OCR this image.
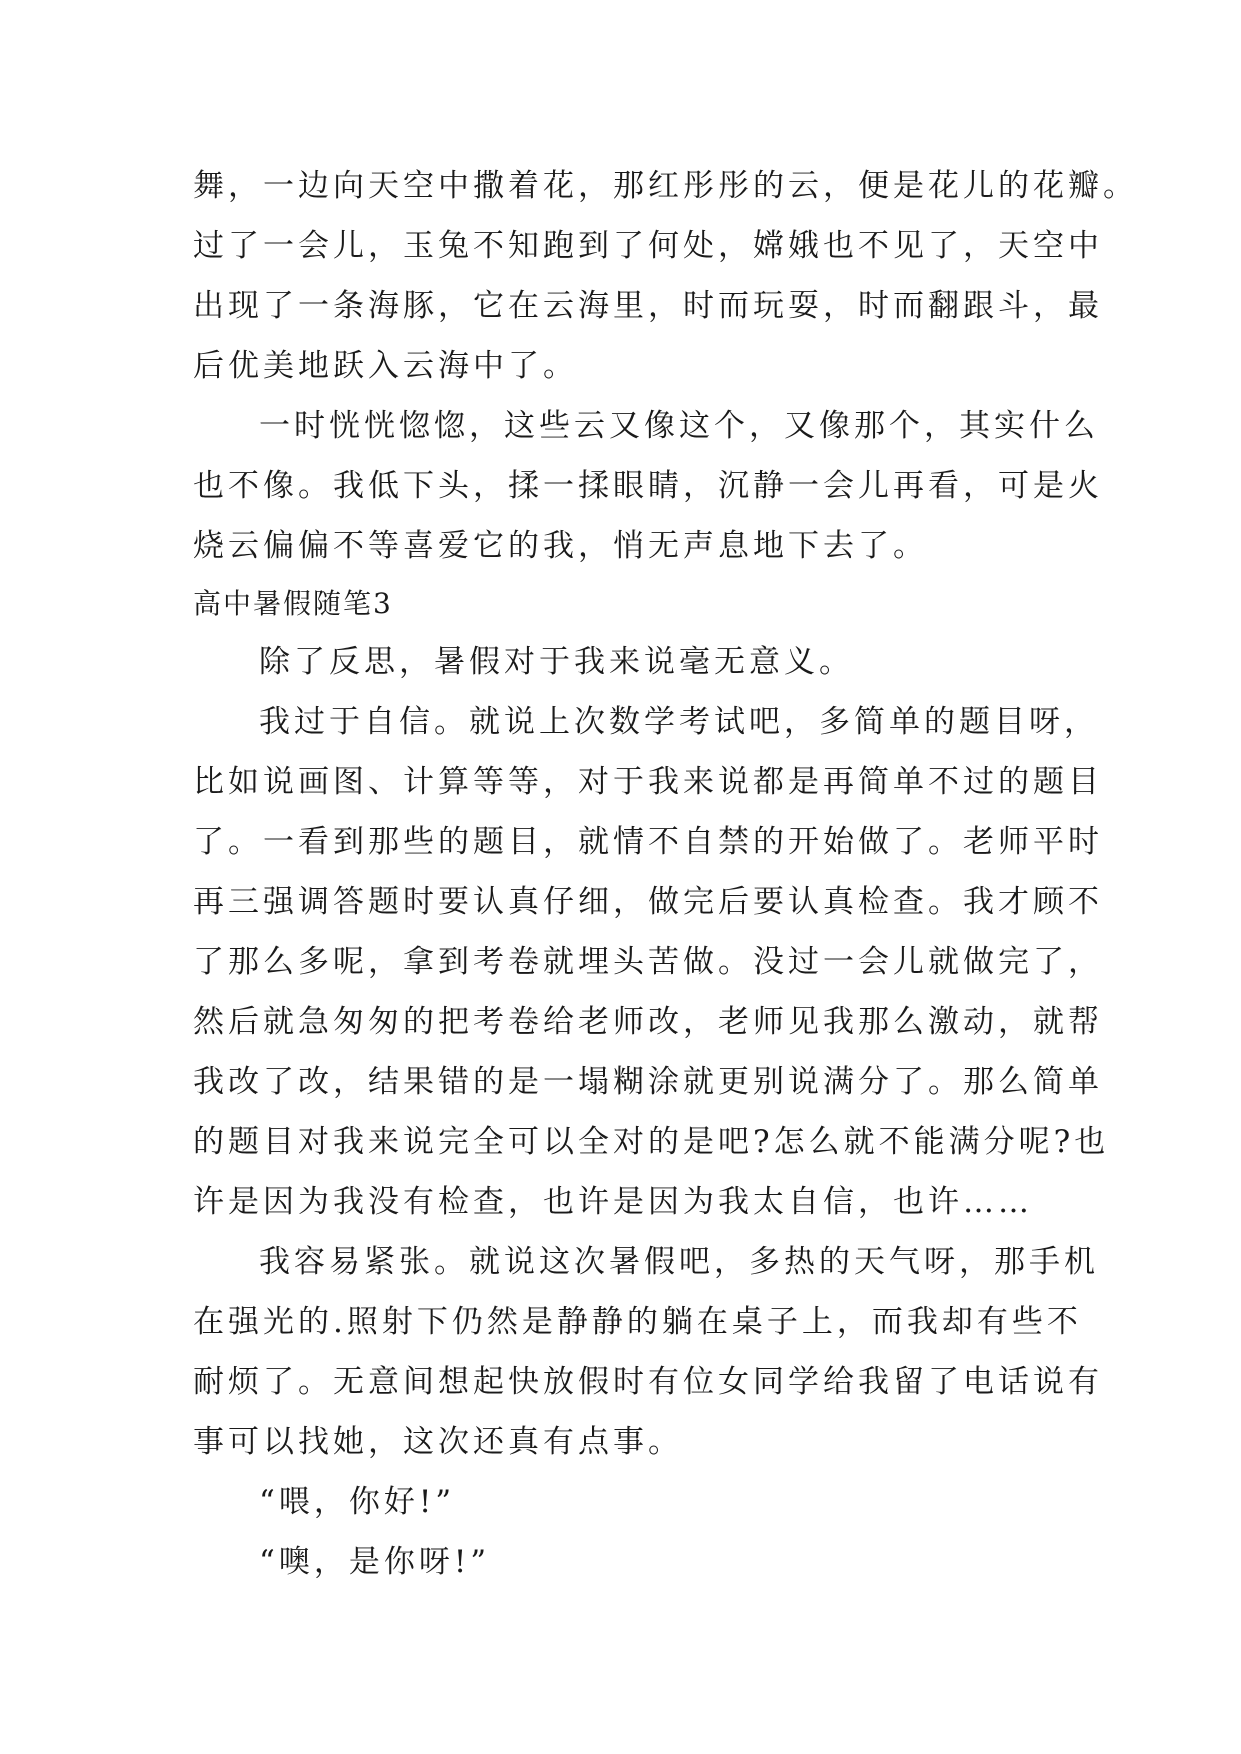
舞，一边向天空中撒着花，那红彤彤的云，便是花儿的花瓣。
过了一会儿，玉兔不知跑到了何处，嫦娥也不见了，天空中
出现了一条海豚，它在云海里，时而玩耍，时而翻跟斗，最
后优美地跃入云海中了。
一时恍恍惚惚，这些云又像这个，又像那个，其实什么
也不像。我低下头，揉一揉眼睛，沉静一会儿再看，可是火
烧云偏偏不等喜爱它的我，悄无声息地下去了。
高中暑假随笔3
除了反思，暑假对于我来说毫无意义。
我过于自信。就说上次数学考试吧，多简单的题目呀，
比如说画图、计算等等，对于我来说都是再简单不过的题目
了。一看到那些的题目，就情不自禁的开始做了。老师平时
再三强调答题时要认真仔细，做完后要认真检查。我才顾不
了那么多呢，拿到考卷就埋头苦做。没过一会儿就做完了，
然后就急匆匆的把考卷给老师改，老师见我那么激动，就帮
我改了改，结果错的是一塌糊涂就更别说满分了。那么简单
的题目对我来说完全可以全对的是吧?怎么就不能满分呢?也
许是因为我没有检查，也许是因为我太自信，也许……
我容易紧张。就说这次暑假吧，多热的天气呀，那手机
在强光的.照射下仍然是静静的躺在桌子上，而我却有些不
耐烦了。无意间想起快放假时有位女同学给我留了电话说有
事可以找她，这次还真有点事。
“喂，你好!”
“噢，是你呀!”
